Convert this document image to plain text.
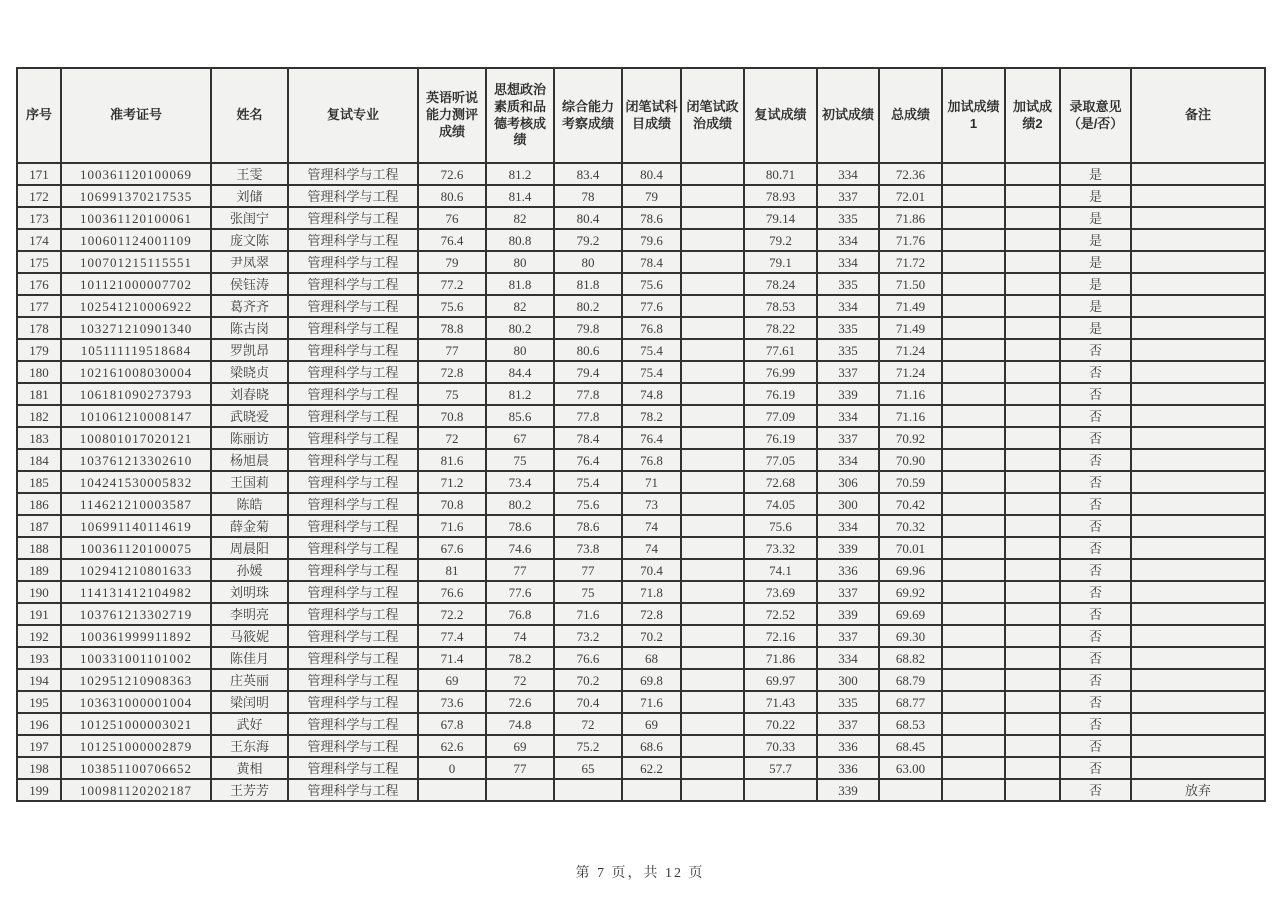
序号	准考证号	姓名	复试专业	英语听说能力测评成绩	思想政治素质和品德考核成绩	综合能力考察成绩	闭笔试科目成绩	闭笔试政治成绩	复试成绩	初试成绩	总成绩	加试成绩1	加试成绩2	录取意见（是/否）	备注
171	100361120100069	王雯	管理科学与工程	72.6	81.2	83.4	80.4		80.71	334	72.36			是	
172	106991370217535	刘储	管理科学与工程	80.6	81.4	78	79		78.93	337	72.01			是	
173	100361120100061	张闺宁	管理科学与工程	76	82	80.4	78.6		79.14	335	71.86			是	
174	100601124001109	庞文陈	管理科学与工程	76.4	80.8	79.2	79.6		79.2	334	71.76			是	
175	100701215115551	尹凤翠	管理科学与工程	79	80	80	78.4		79.1	334	71.72			是	
176	101121000007702	侯钰涛	管理科学与工程	77.2	81.8	81.8	75.6		78.24	335	71.50			是	
177	102541210006922	葛齐齐	管理科学与工程	75.6	82	80.2	77.6		78.53	334	71.49			是	
178	103271210901340	陈古岗	管理科学与工程	78.8	80.2	79.8	76.8		78.22	335	71.49			是	
179	105111119518684	罗凯昂	管理科学与工程	77	80	80.6	75.4		77.61	335	71.24			否	
180	102161008030004	梁晓贞	管理科学与工程	72.8	84.4	79.4	75.4		76.99	337	71.24			否	
181	106181090273793	刘春晓	管理科学与工程	75	81.2	77.8	74.8		76.19	339	71.16			否	
182	101061210008147	武晓爱	管理科学与工程	70.8	85.6	77.8	78.2		77.09	334	71.16			否	
183	100801017020121	陈丽访	管理科学与工程	72	67	78.4	76.4		76.19	337	70.92			否	
184	103761213302610	杨旭晨	管理科学与工程	81.6	75	76.4	76.8		77.05	334	70.90			否	
185	104241530005832	王国莉	管理科学与工程	71.2	73.4	75.4	71		72.68	306	70.59			否	
186	114621210003587	陈皓	管理科学与工程	70.8	80.2	75.6	73		74.05	300	70.42			否	
187	106991140114619	薛金菊	管理科学与工程	71.6	78.6	78.6	74		75.6	334	70.32			否	
188	100361120100075	周晨阳	管理科学与工程	67.6	74.6	73.8	74		73.32	339	70.01			否	
189	102941210801633	孙媛	管理科学与工程	81	77	77	70.4		74.1	336	69.96			否	
190	114131412104982	刘明珠	管理科学与工程	76.6	77.6	75	71.8		73.69	337	69.92			否	
191	103761213302719	李明亮	管理科学与工程	72.2	76.8	71.6	72.8		72.52	339	69.69			否	
192	100361999911892	马筱妮	管理科学与工程	77.4	74	73.2	70.2		72.16	337	69.30			否	
193	100331001101002	陈佳月	管理科学与工程	71.4	78.2	76.6	68		71.86	334	68.82			否	
194	102951210908363	庄英丽	管理科学与工程	69	72	70.2	69.8		69.97	300	68.79			否	
195	103631000001004	梁闰明	管理科学与工程	73.6	72.6	70.4	71.6		71.43	335	68.77			否	
196	101251000003021	武好	管理科学与工程	67.8	74.8	72	69		70.22	337	68.53			否	
197	101251000002879	王东海	管理科学与工程	62.6	69	75.2	68.6		70.33	336	68.45			否	
198	103851100706652	黄相	管理科学与工程	0	77	65	62.2		57.7	336	63.00			否	
199	100981120202187	王芳芳	管理科学与工程							339				否	放弃
第 7 页，共 12 页
